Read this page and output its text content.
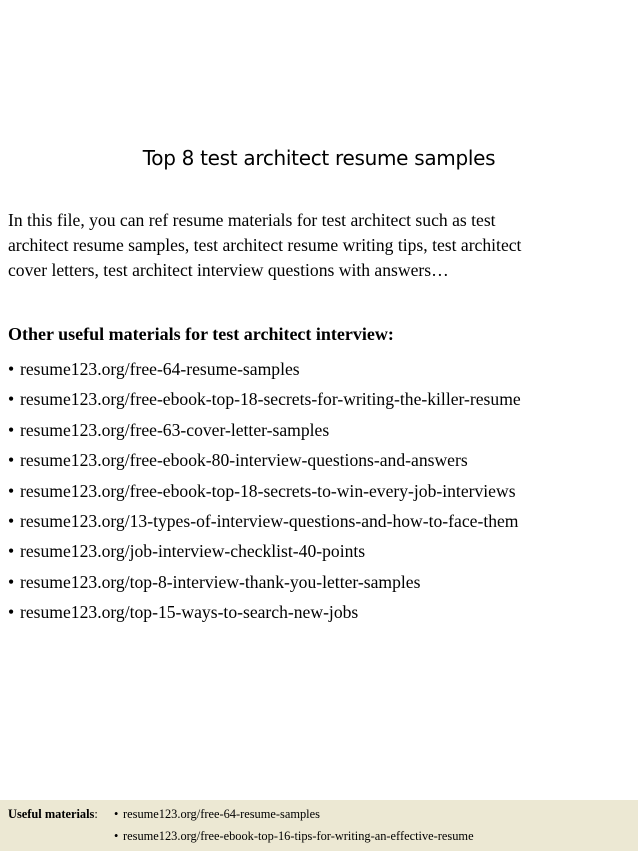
Top 8 test architect resume samples

In this file, you can ref resume materials for test architect such as test
architect resume samples, test architect resume writing tips, test architect
cover letters, test architect interview questions with answers…

Other useful materials for test architect interview:
• resume123.org/free-64-resume-samples
• resume123.org/free-ebook-top-18-secrets-for-writing-the-killer-resume
• resume123.org/free-63-cover-letter-samples
• resume123.org/free-ebook-80-interview-questions-and-answers
• resume123.org/free-ebook-top-18-secrets-to-win-every-job-interviews
• resume123.org/13-types-of-interview-questions-and-how-to-face-them
• resume123.org/job-interview-checklist-40-points
• resume123.org/top-8-interview-thank-you-letter-samples
• resume123.org/top-15-ways-to-search-new-jobs
Useful materials: • resume123.org/free-64-resume-samples
• resume123.org/free-ebook-top-16-tips-for-writing-an-effective-resume
